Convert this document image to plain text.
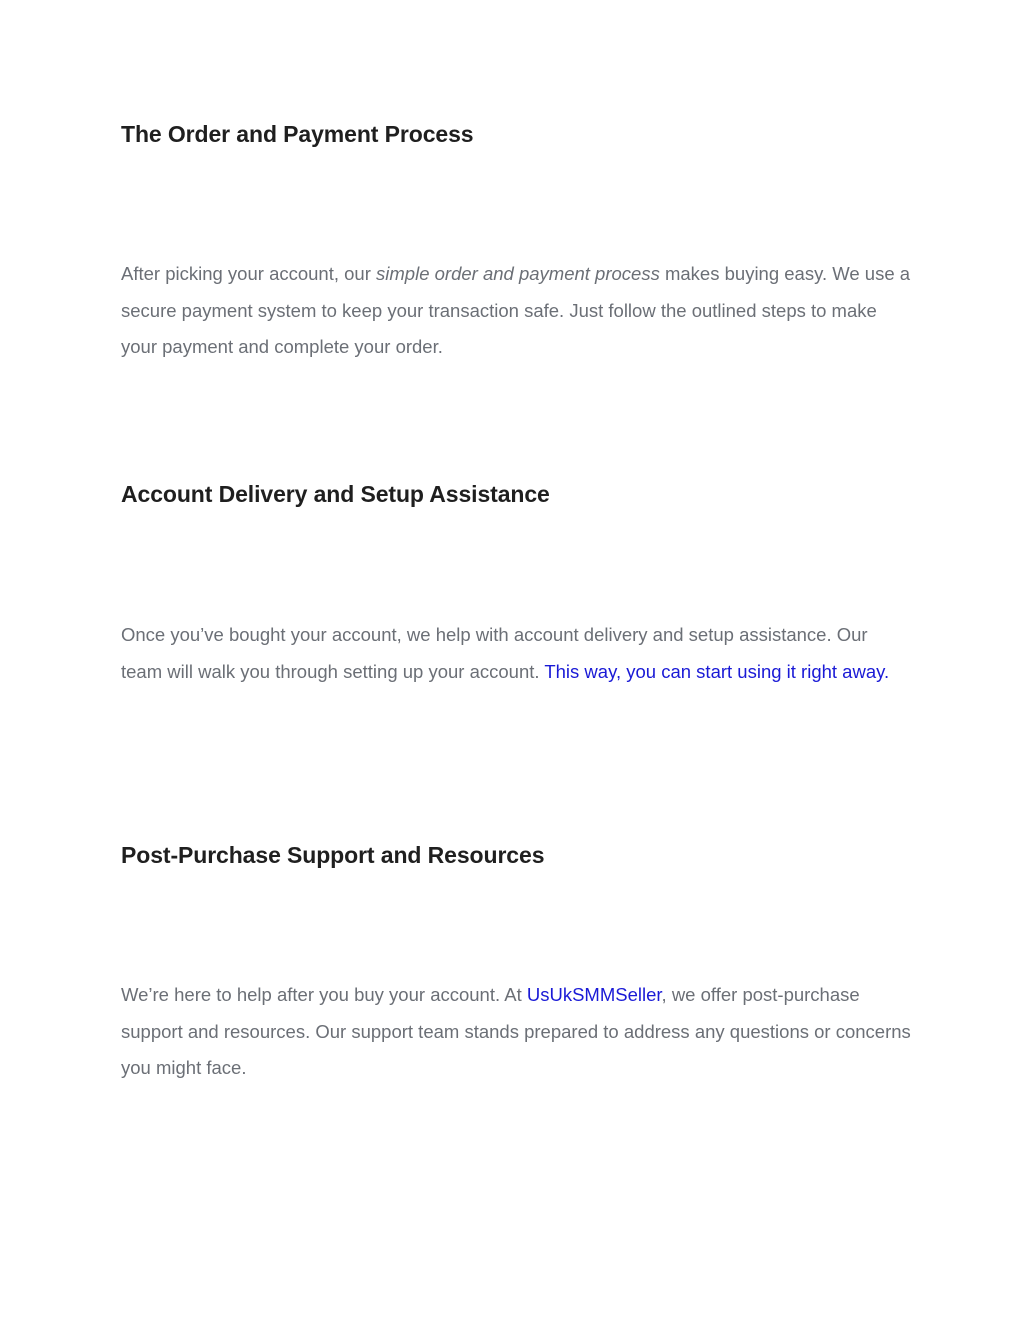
The Order and Payment Process

After picking your account, our simple order and payment process makes buying easy. We use a secure payment system to keep your transaction safe. Just follow the outlined steps to make your payment and complete your order.

Account Delivery and Setup Assistance

Once you’ve bought your account, we help with account delivery and setup assistance. Our team will walk you through setting up your account. This way, you can start using it right away.

Post-Purchase Support and Resources

We’re here to help after you buy your account. At UsUkSMMSeller, we offer post-purchase support and resources. Our support team stands prepared to address any questions or concerns you might face.
